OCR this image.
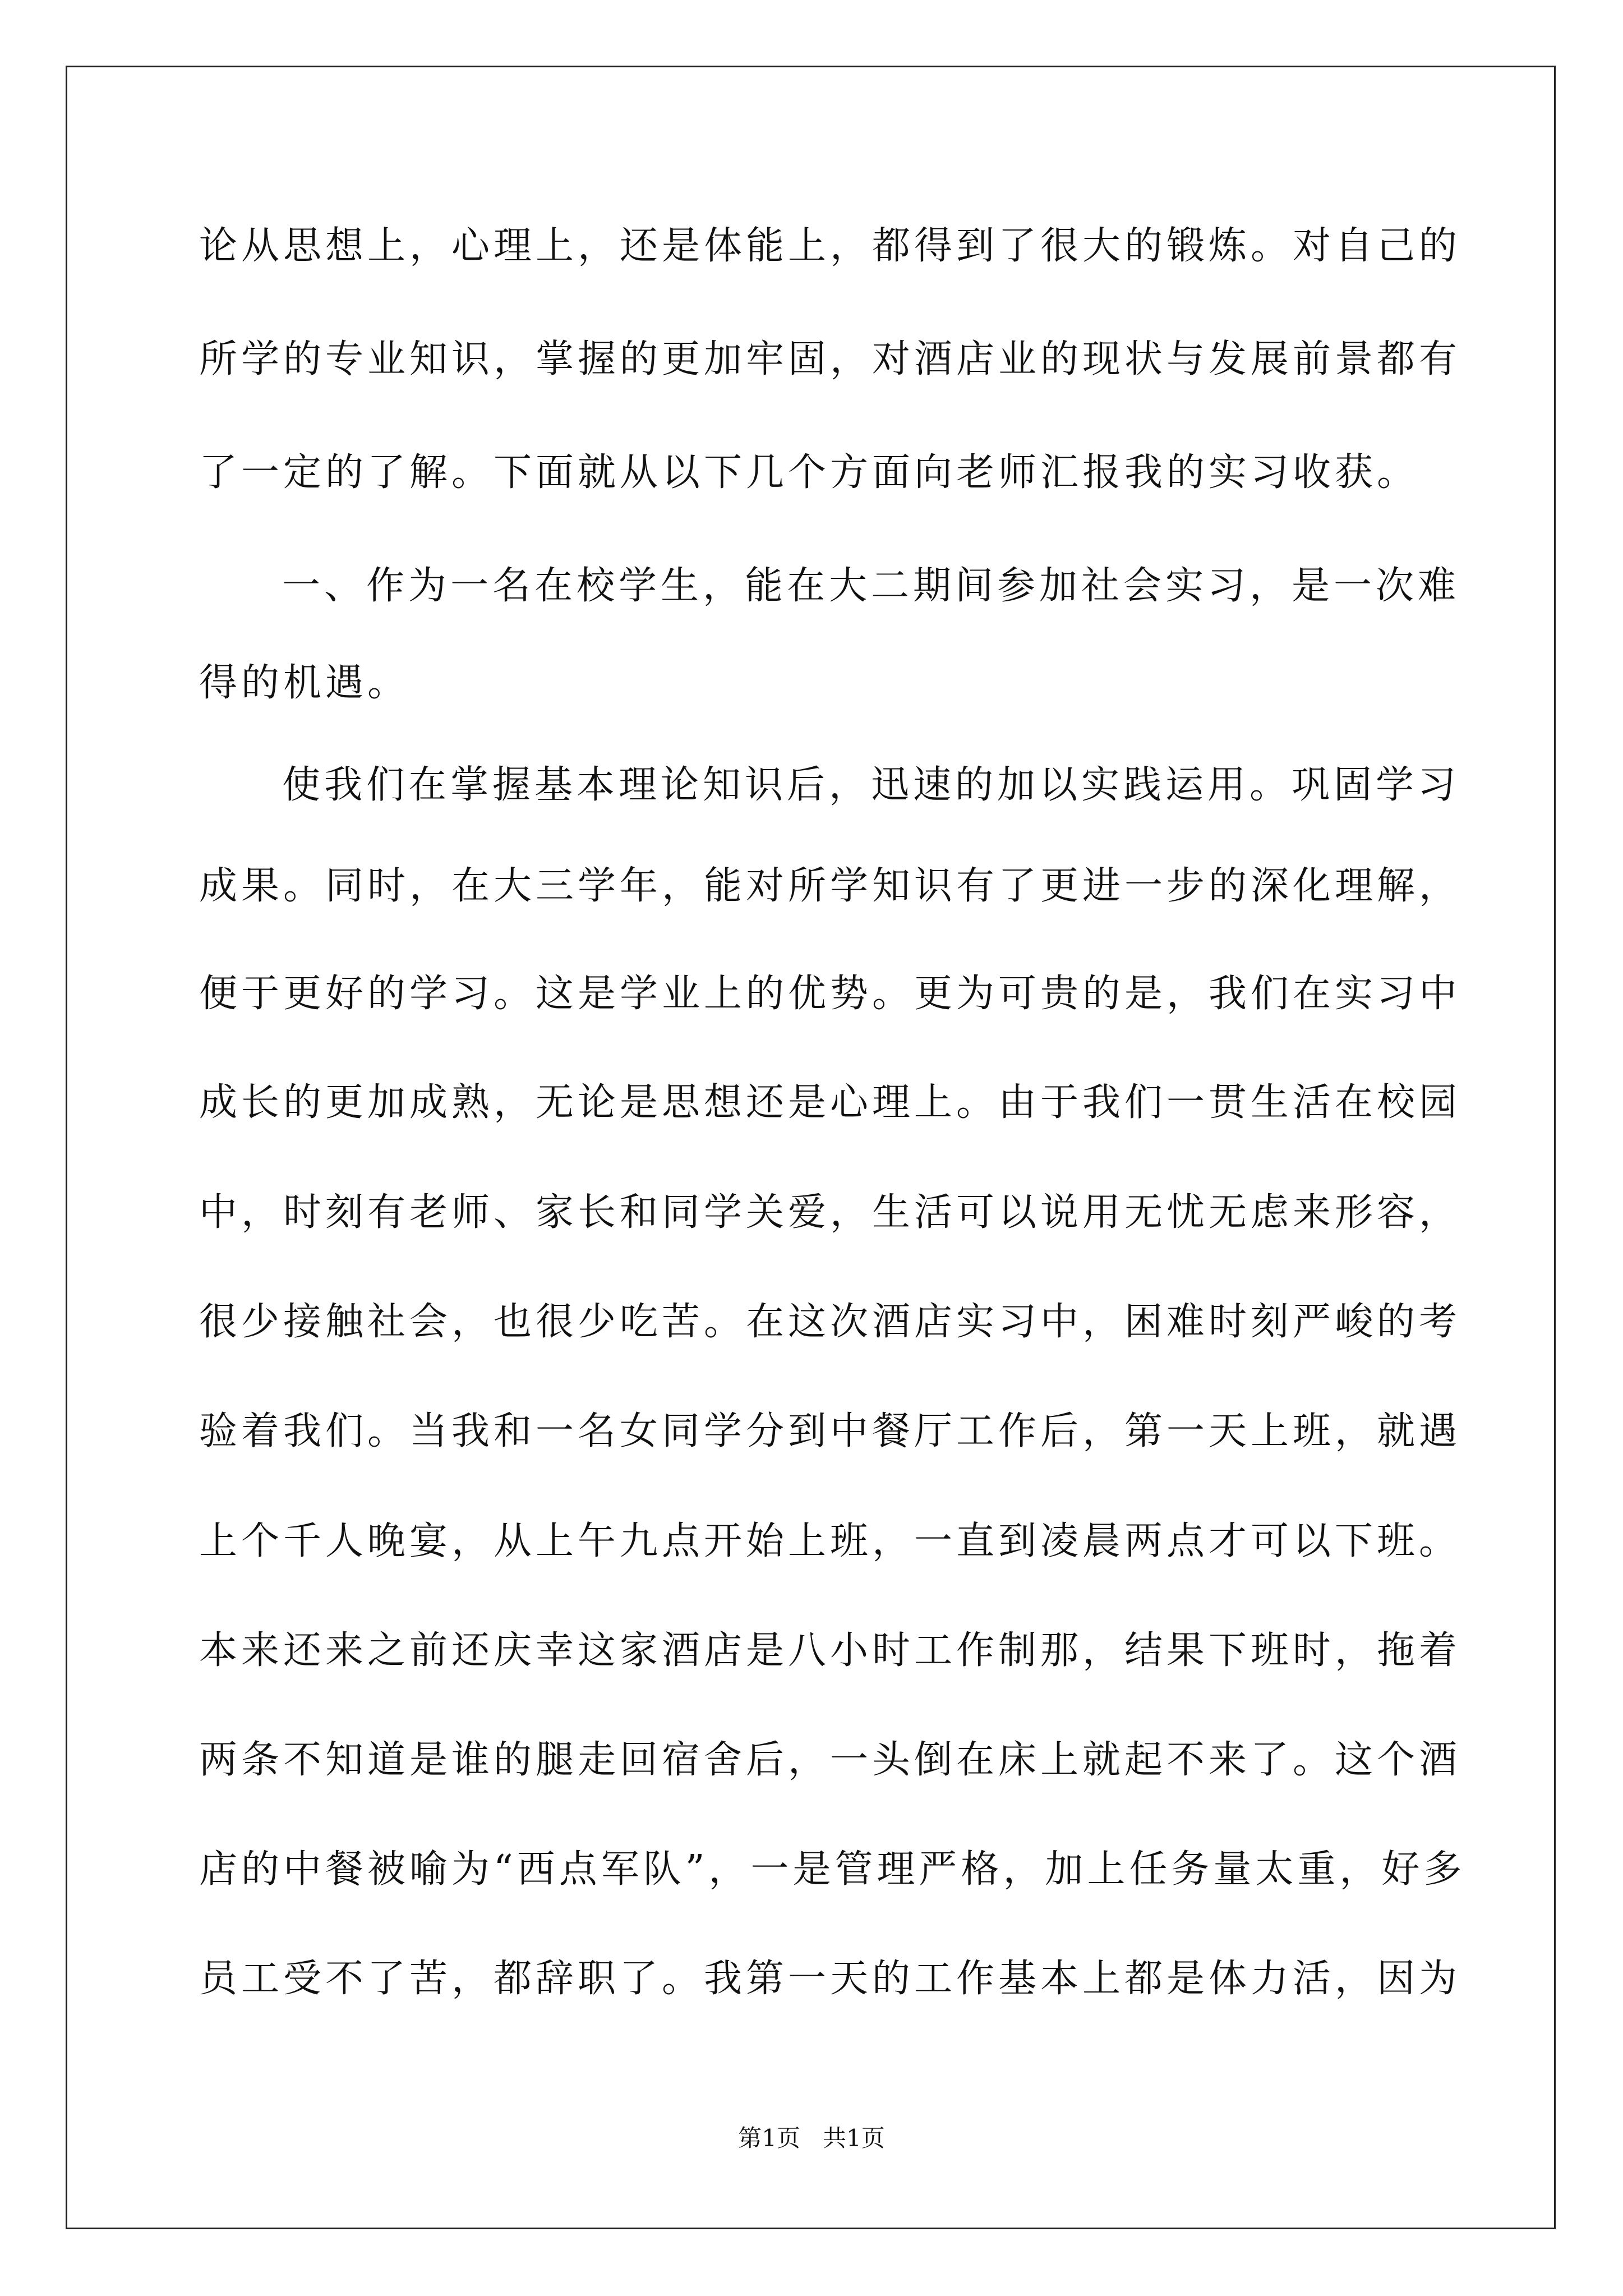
论从思想上，心理上，还是体能上，都得到了很大的锻炼。对自己的

所学的专业知识，掌握的更加牢固，对酒店业的现状与发展前景都有

了一定的了解。下面就从以下几个方面向老师汇报我的实习收获。

一、作为一名在校学生，能在大二期间参加社会实习，是一次难

得的机遇。

使我们在掌握基本理论知识后，迅速的加以实践运用。巩固学习

成果。同时，在大三学年，能对所学知识有了更进一步的深化理解，

便于更好的学习。这是学业上的优势。更为可贵的是，我们在实习中

成长的更加成熟，无论是思想还是心理上。由于我们一贯生活在校园

中，时刻有老师、家长和同学关爱，生活可以说用无忧无虑来形容，

很少接触社会，也很少吃苦。在这次酒店实习中，困难时刻严峻的考

验着我们。当我和一名女同学分到中餐厅工作后，第一天上班，就遇

上个千人晚宴，从上午九点开始上班，一直到凌晨两点才可以下班。

本来还来之前还庆幸这家酒店是八小时工作制那，结果下班时，拖着

两条不知道是谁的腿走回宿舍后，一头倒在床上就起不来了。这个酒

店的中餐被喻为“西点军队”，一是管理严格，加上任务量太重，好多

员工受不了苦，都辞职了。我第一天的工作基本上都是体力活，因为

第1页 共1页
